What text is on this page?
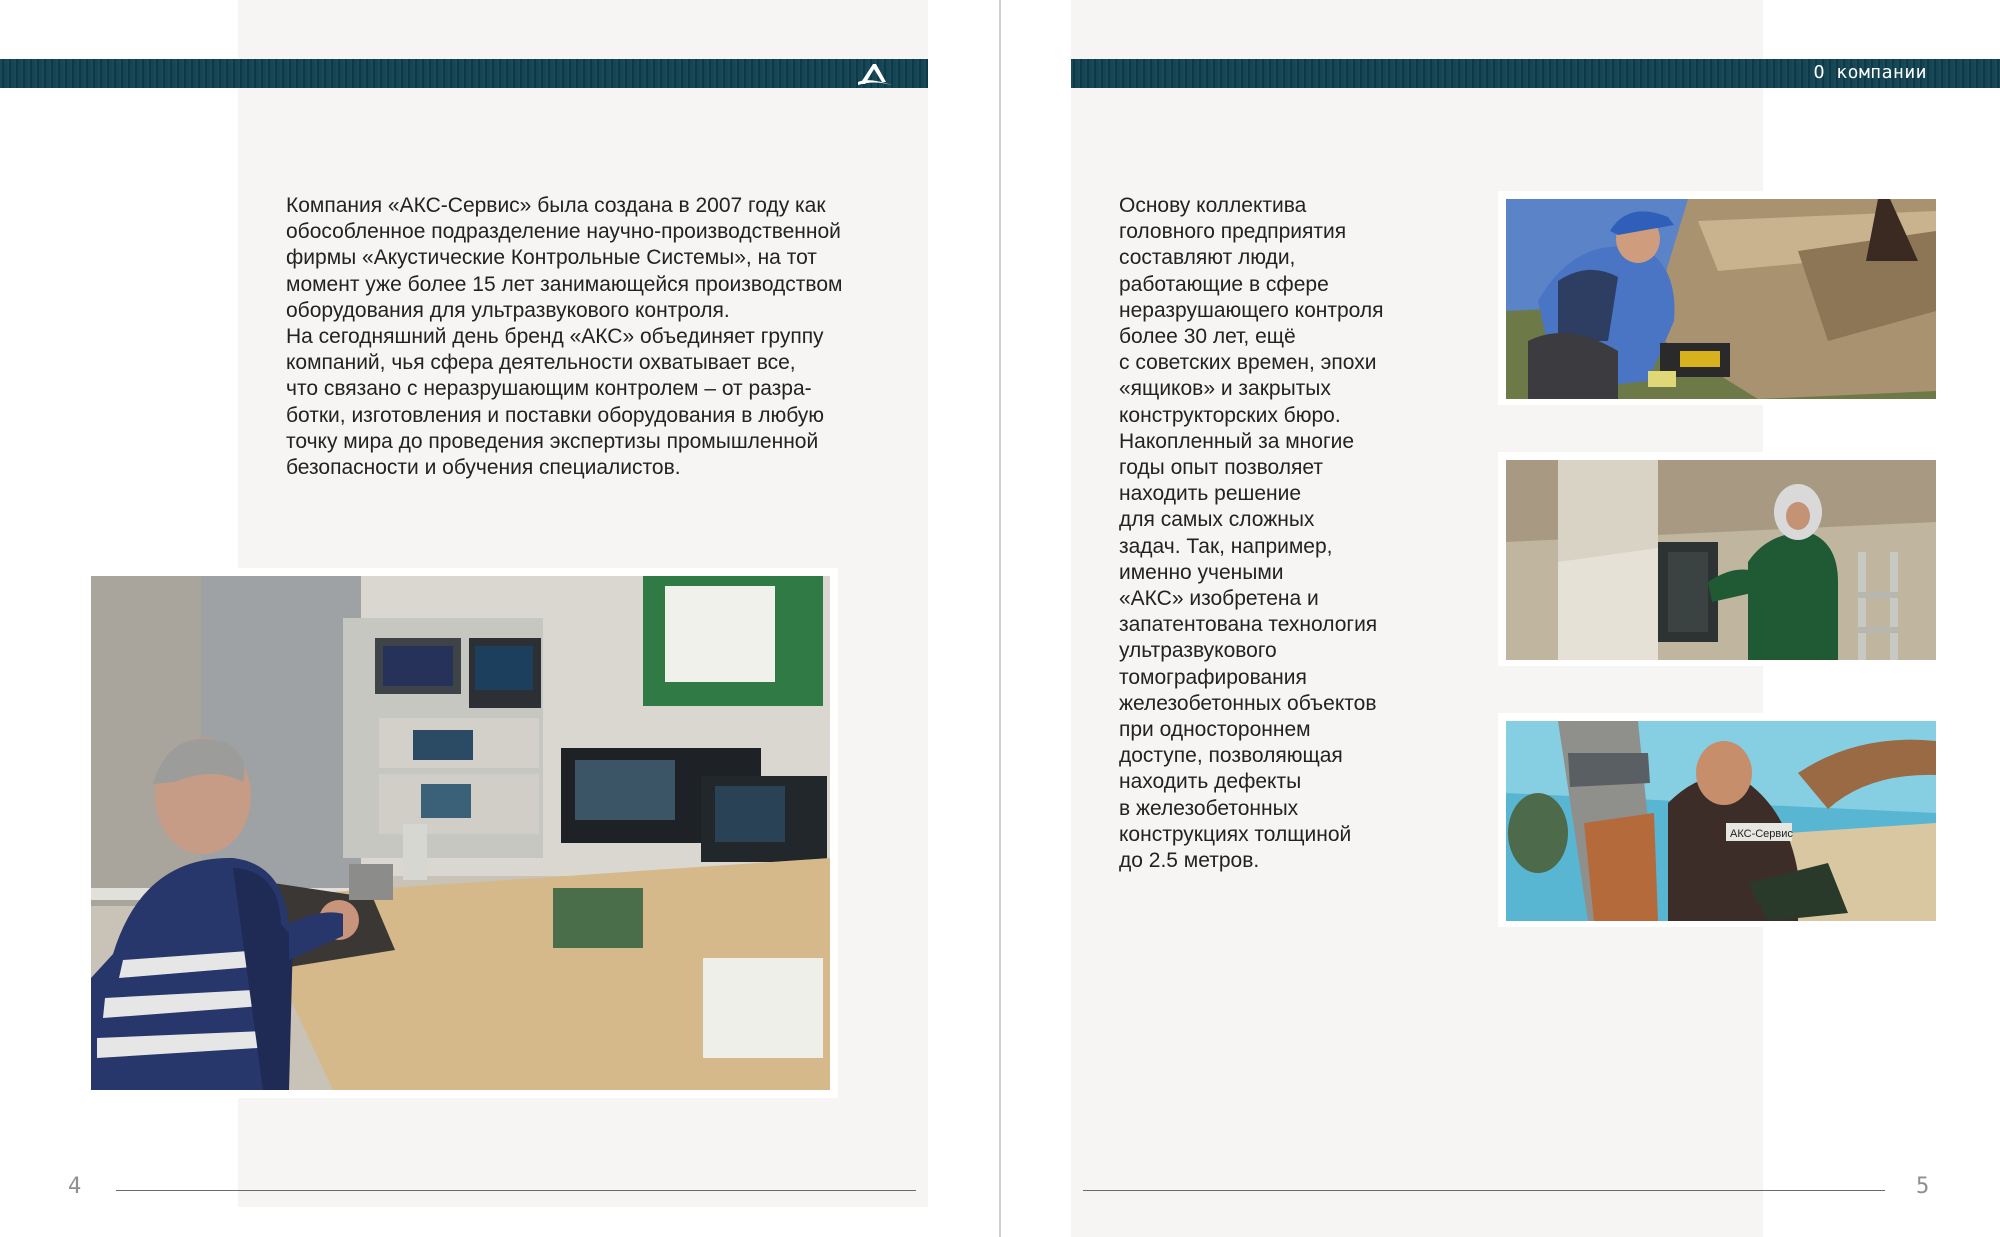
О компании

Компания «АКС-Сервис» была создана в 2007 году как

обособленное подразделение научно-производственной

фирмы «Акустические Контрольные Системы», на тот

момент уже более 15 лет занимающейся производством

оборудования для ультразвукового контроля.

На сегодняшний день бренд «АКС» объединяет группу

компаний, чья сфера деятельности охватывает все,

что связано с неразрушающим контролем – от разра-

ботки, изготовления и поставки оборудования в любую

точку мира до проведения экспертизы промышленной

безопасности и обучения специалистов.

Основу коллектива

головного предприятия

составляют люди,

работающие в сфере

неразрушающего контроля

более 30 лет, ещё

с советских времен, эпохи

«ящиков» и закрытых

конструкторских бюро.

Накопленный за многие

годы опыт позволяет

находить решение

для самых сложных

задач. Так, например,

именно учеными

«АКС» изобретена и

запатентована технология

ультразвукового

томографирования

железобетонных объектов

при одностороннем

доступе, позволяющая

находить дефекты

в железобетонных

конструкциях толщиной

до 2.5 метров.

АКС-Сервис
4	5
